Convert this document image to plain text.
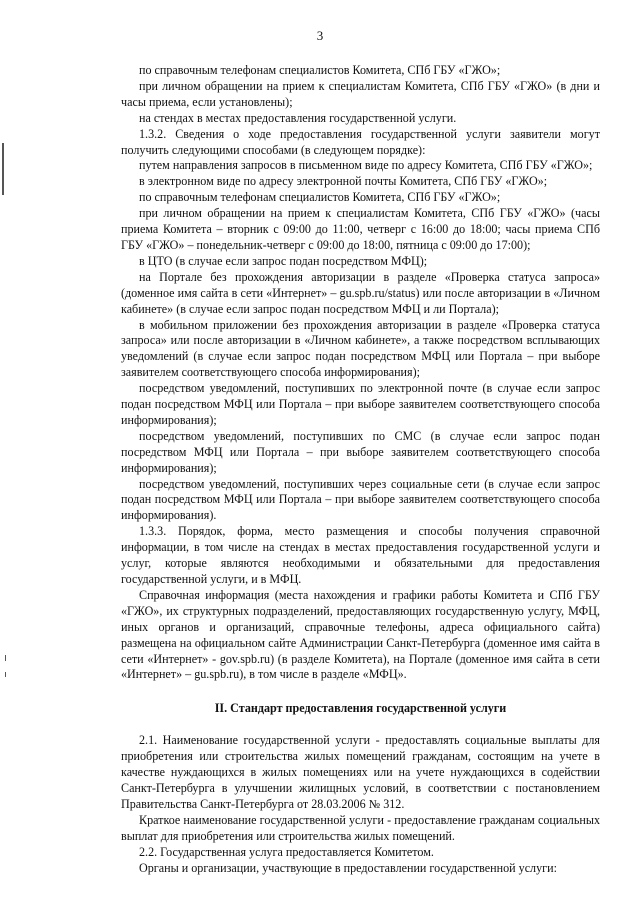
3

по справочным телефонам специалистов Комитета, СПб ГБУ «ГЖО»;

при личном обращении на прием к специалистам Комитета, СПб ГБУ «ГЖО» (в дни и часы приема, если установлены);

на стендах в местах предоставления государственной услуги.

1.3.2. Сведения о ходе предоставления государственной услуги заявители могут получить следующими способами (в следующем порядке):

путем направления запросов в письменном виде по адресу Комитета, СПб ГБУ «ГЖО»;

в электронном виде по адресу электронной почты Комитета, СПб ГБУ «ГЖО»;

по справочным телефонам специалистов Комитета, СПб ГБУ «ГЖО»;

при личном обращении на прием к специалистам Комитета, СПб ГБУ «ГЖО» (часы приема Комитета – вторник с 09:00 до 11:00, четверг с 16:00 до 18:00; часы приема СПб ГБУ «ГЖО» – понедельник-четверг с 09:00 до 18:00, пятница с 09:00 до 17:00);

в ЦТО (в случае если запрос подан посредством МФЦ);

на Портале без прохождения авторизации в разделе «Проверка статуса запроса» (доменное имя сайта в сети «Интернет» – gu.spb.ru/status) или после авторизации в «Личном кабинете» (в случае если запрос подан посредством МФЦ и ли Портала);

в мобильном приложении без прохождения авторизации в разделе «Проверка статуса запроса» или после авторизации в «Личном кабинете», а также посредством всплывающих уведомлений (в случае если запрос подан посредством МФЦ или Портала – при выборе заявителем соответствующего способа информирования);

посредством уведомлений, поступивших по электронной почте (в случае если запрос подан посредством МФЦ или Портала – при выборе заявителем соответствующего способа информирования);

посредством уведомлений, поступивших по СМС (в случае если запрос подан посредством МФЦ или Портала – при выборе заявителем соответствующего способа информирования);

посредством уведомлений, поступивших через социальные сети (в случае если запрос подан посредством МФЦ или Портала – при выборе заявителем соответствующего способа информирования).

1.3.3. Порядок, форма, место размещения и способы получения справочной информации, в том числе на стендах в местах предоставления государственной услуги и услуг, которые являются необходимыми и обязательными для предоставления государственной услуги, и в МФЦ.

Справочная информация (места нахождения и графики работы Комитета и СПб ГБУ «ГЖО», их структурных подразделений, предоставляющих государственную услугу, МФЦ, иных органов и организаций, справочные телефоны, адреса официального сайта) размещена на официальном сайте Администрации Санкт-Петербурга (доменное имя сайта в сети «Интернет» - gov.spb.ru) (в разделе Комитета), на Портале (доменное имя сайта в сети «Интернет» – gu.spb.ru), в том числе в разделе «МФЦ».

II. Стандарт предоставления государственной услуги

2.1. Наименование государственной услуги - предоставлять социальные выплаты для приобретения или строительства жилых помещений гражданам, состоящим на учете в качестве нуждающихся в жилых помещениях или на учете нуждающихся в содействии Санкт-Петербурга в улучшении жилищных условий, в соответствии с постановлением Правительства Санкт-Петербурга от 28.03.2006 № 312.

Краткое наименование государственной услуги - предоставление гражданам социальных выплат для приобретения или строительства жилых помещений.

2.2. Государственная услуга предоставляется Комитетом.

Органы и организации, участвующие в предоставлении государственной услуги:
